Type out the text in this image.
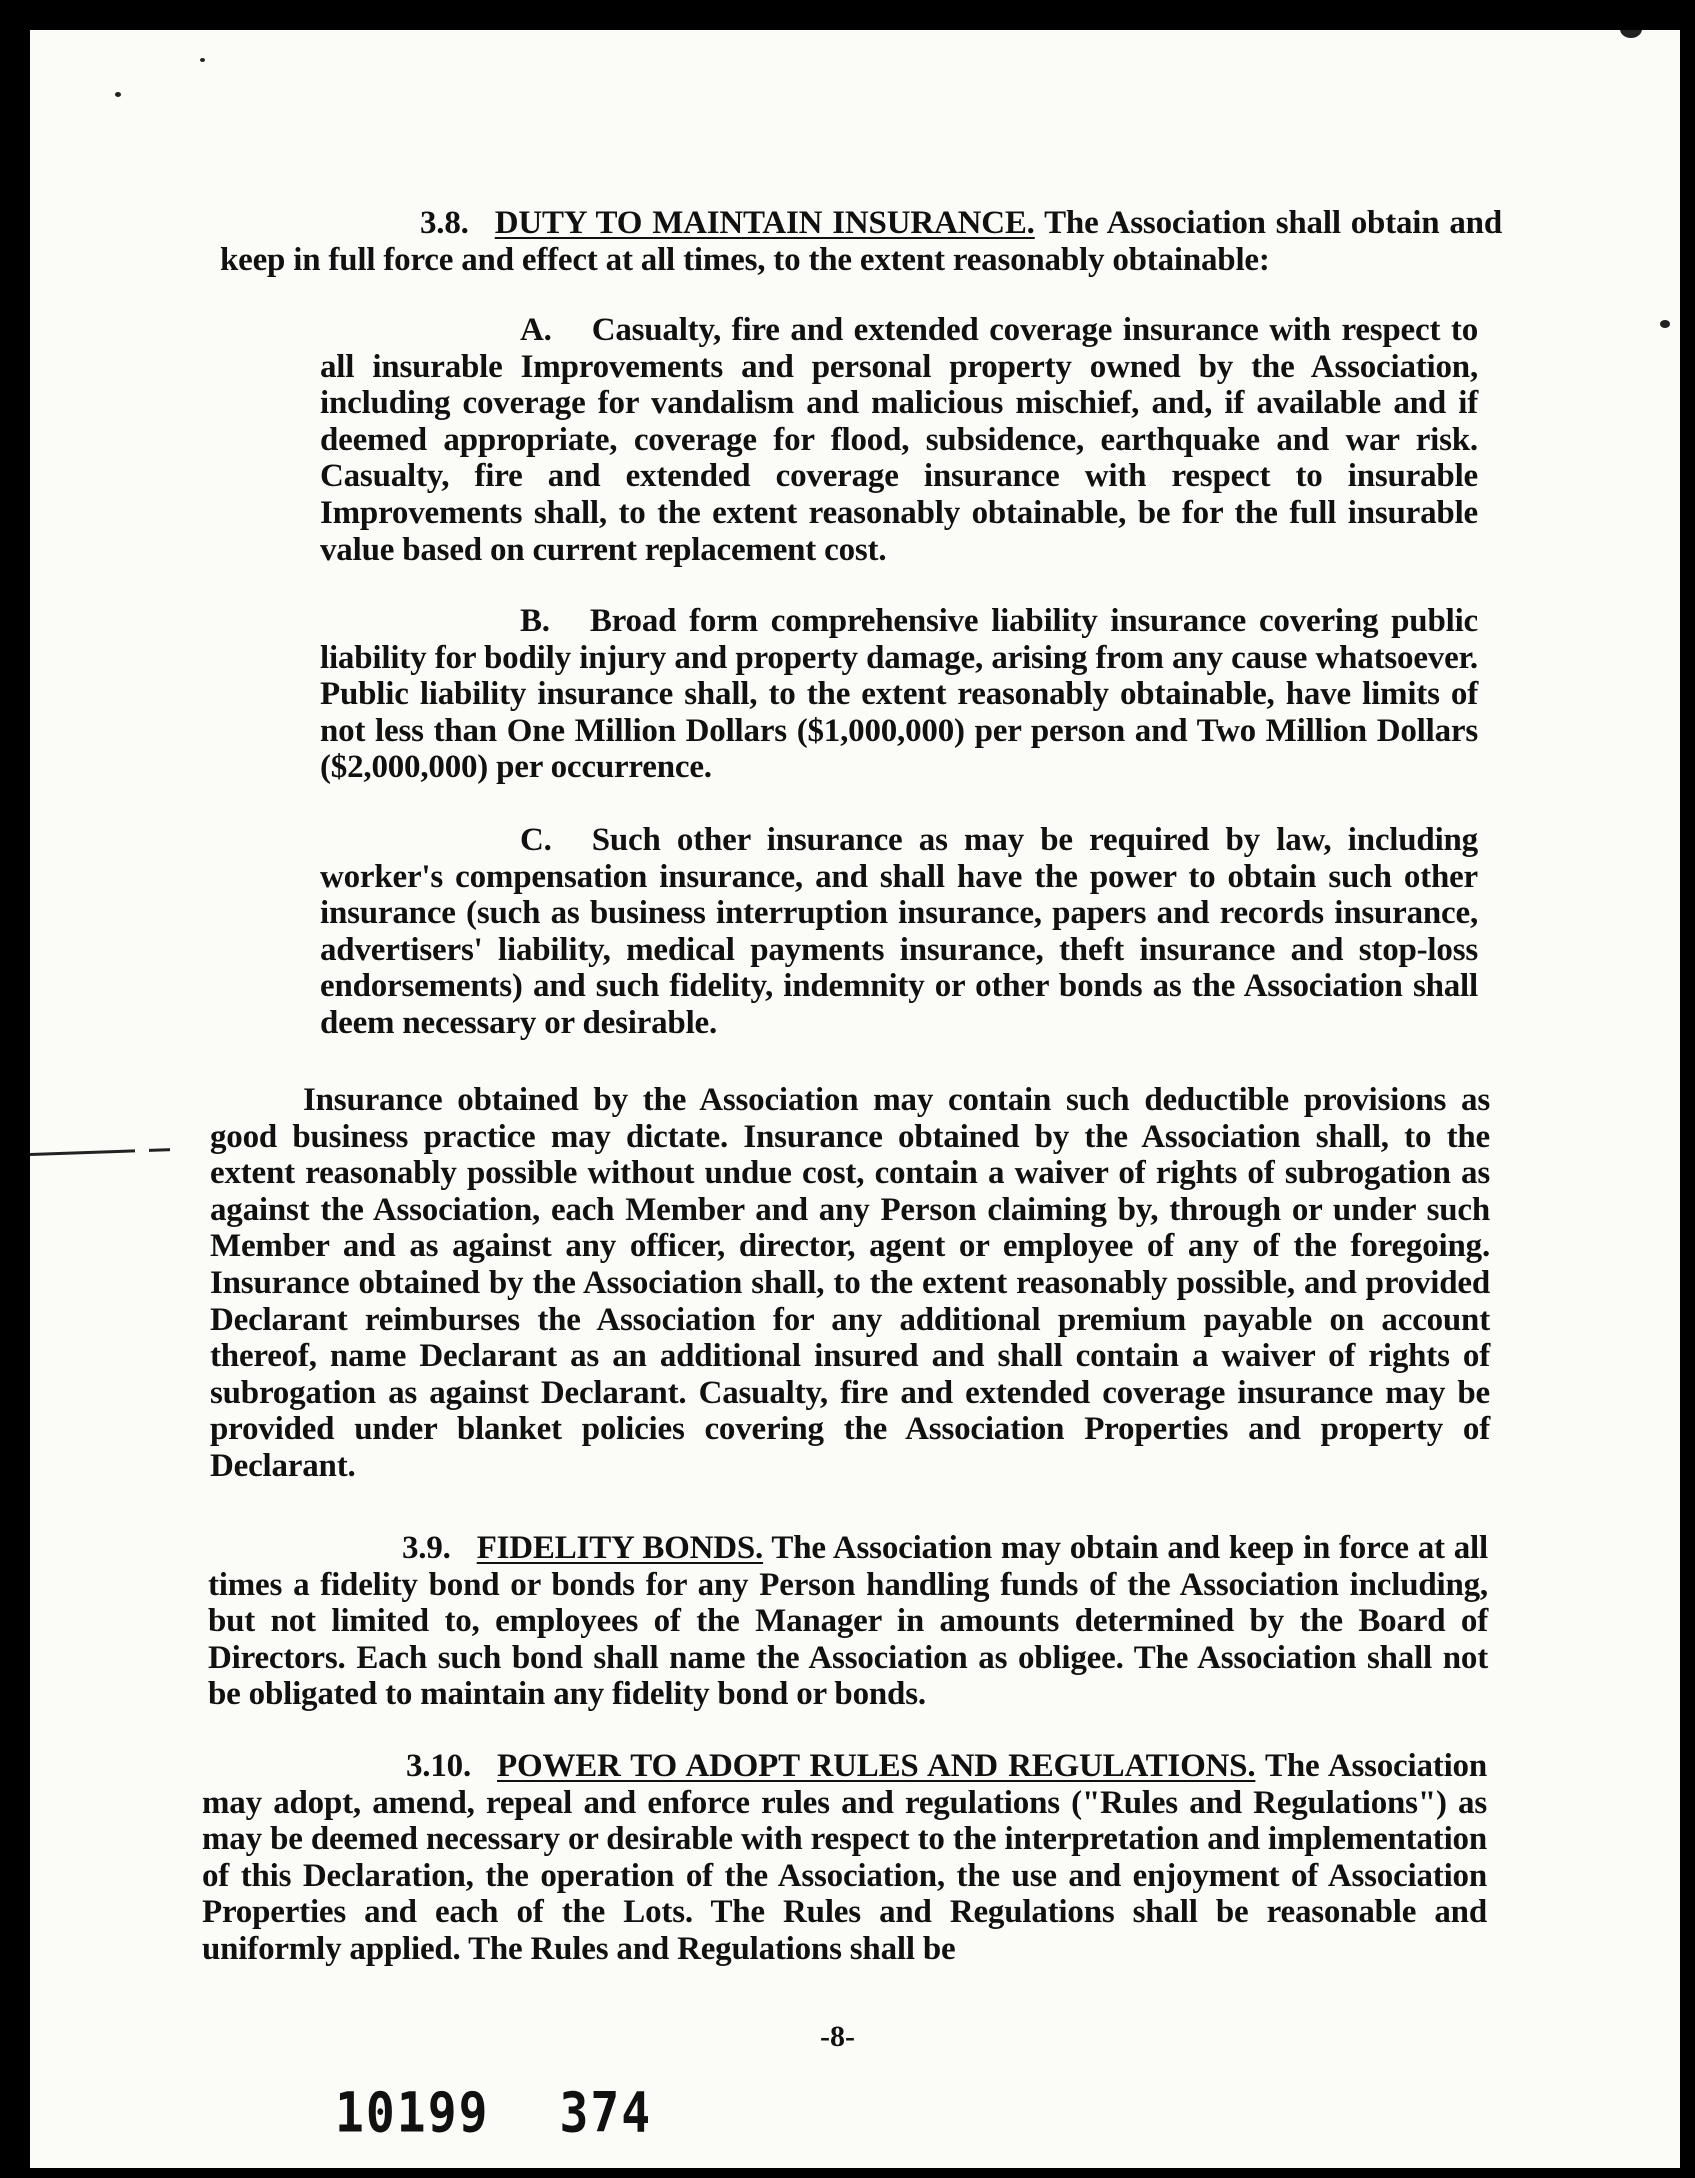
3.8. DUTY TO MAINTAIN INSURANCE. The Association shall obtain and keep in full force and effect at all times, to the extent reasonably obtainable:

A. Casualty, fire and extended coverage insurance with respect to all insurable Improvements and personal property owned by the Association, including coverage for vandalism and malicious mischief, and, if available and if deemed appropriate, coverage for flood, subsidence, earthquake and war risk. Casualty, fire and extended coverage insurance with respect to insurable Improvements shall, to the extent reasonably obtainable, be for the full insurable value based on current replacement cost.

B. Broad form comprehensive liability insurance covering public liability for bodily injury and property damage, arising from any cause whatsoever. Public liability insurance shall, to the extent reasonably obtainable, have limits of not less than One Million Dollars ($1,000,000) per person and Two Million Dollars ($2,000,000) per occurrence.

C. Such other insurance as may be required by law, including worker's compensation insurance, and shall have the power to obtain such other insurance (such as business interruption insurance, papers and records insurance, advertisers' liability, medical payments insurance, theft insurance and stop-loss endorsements) and such fidelity, indemnity or other bonds as the Association shall deem necessary or desirable.

Insurance obtained by the Association may contain such deductible provisions as good business practice may dictate. Insurance obtained by the Association shall, to the extent reasonably possible without undue cost, contain a waiver of rights of subrogation as against the Association, each Member and any Person claiming by, through or under such Member and as against any officer, director, agent or employee of any of the foregoing. Insurance obtained by the Association shall, to the extent reasonably possible, and provided Declarant reimburses the Association for any additional premium payable on account thereof, name Declarant as an additional insured and shall contain a waiver of rights of subrogation as against Declarant. Casualty, fire and extended coverage insurance may be provided under blanket policies covering the Association Properties and property of Declarant.

3.9. FIDELITY BONDS. The Association may obtain and keep in force at all times a fidelity bond or bonds for any Person handling funds of the Association including, but not limited to, employees of the Manager in amounts determined by the Board of Directors. Each such bond shall name the Association as obligee. The Association shall not be obligated to maintain any fidelity bond or bonds.

3.10. POWER TO ADOPT RULES AND REGULATIONS. The Association may adopt, amend, repeal and enforce rules and regulations ("Rules and Regulations") as may be deemed necessary or desirable with respect to the interpretation and implementation of this Declaration, the operation of the Association, the use and enjoyment of Association Properties and each of the Lots. The Rules and Regulations shall be reasonable and uniformly applied. The Rules and Regulations shall be

-8-
10199 374
